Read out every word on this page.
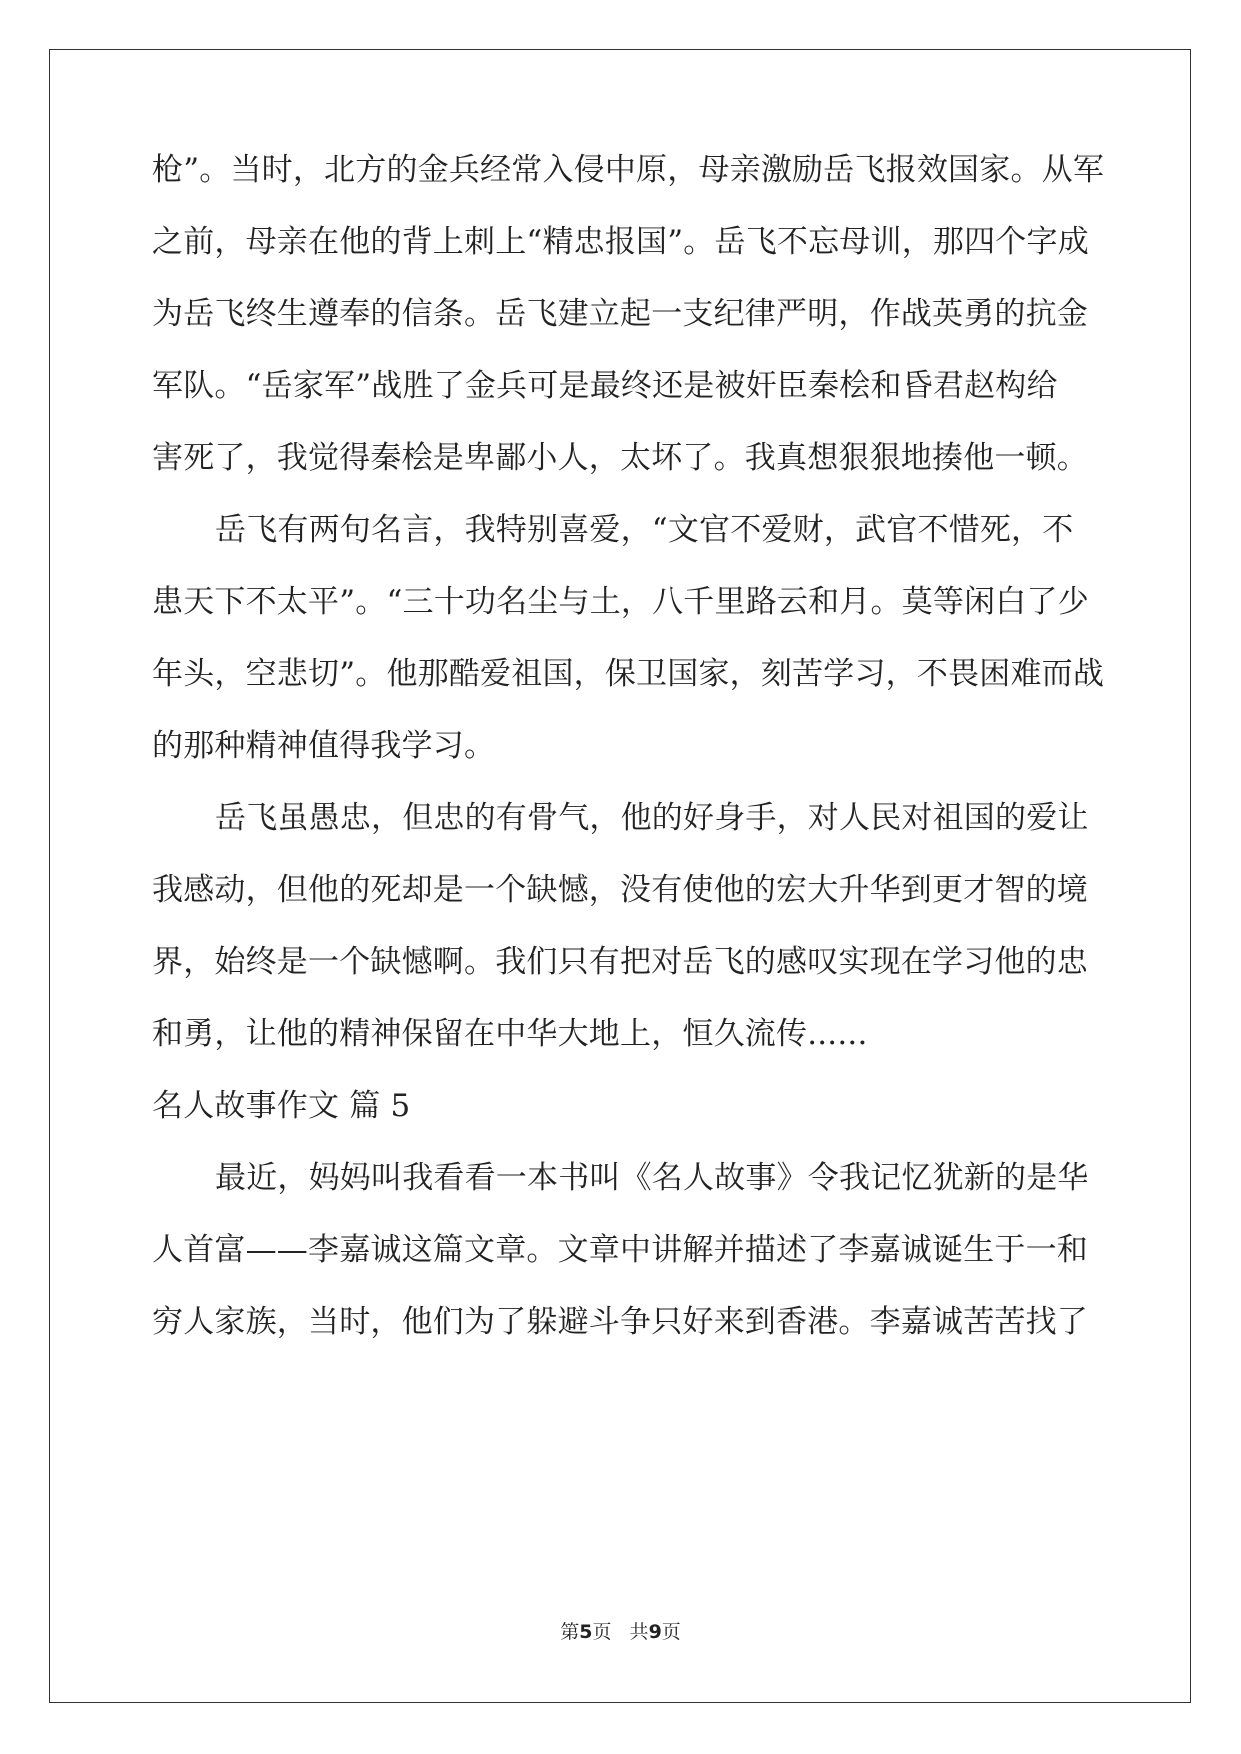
枪”。当时，北方的金兵经常入侵中原，母亲激励岳飞报效国家。从军
之前，母亲在他的背上刺上“精忠报国”。岳飞不忘母训，那四个字成
为岳飞终生遵奉的信条。岳飞建立起一支纪律严明，作战英勇的抗金
军队。“岳家军”战胜了金兵可是最终还是被奸臣秦桧和昏君赵构给
害死了，我觉得秦桧是卑鄙小人，太坏了。我真想狠狠地揍他一顿。
岳飞有两句名言，我特别喜爱，“文官不爱财，武官不惜死，不
患天下不太平”。“三十功名尘与土，八千里路云和月。莫等闲白了少
年头，空悲切”。他那酷爱祖国，保卫国家，刻苦学习，不畏困难而战
的那种精神值得我学习。
岳飞虽愚忠，但忠的有骨气，他的好身手，对人民对祖国的爱让
我感动，但他的死却是一个缺憾，没有使他的宏大升华到更才智的境
界，始终是一个缺憾啊。我们只有把对岳飞的感叹实现在学习他的忠
和勇，让他的精神保留在中华大地上，恒久流传......
名人故事作文 篇 5
最近，妈妈叫我看看一本书叫《名人故事》令我记忆犹新的是华
人首富——李嘉诚这篇文章。文章中讲解并描述了李嘉诚诞生于一和
穷人家族，当时，他们为了躲避斗争只好来到香港。李嘉诚苦苦找了
第5页   共9页
